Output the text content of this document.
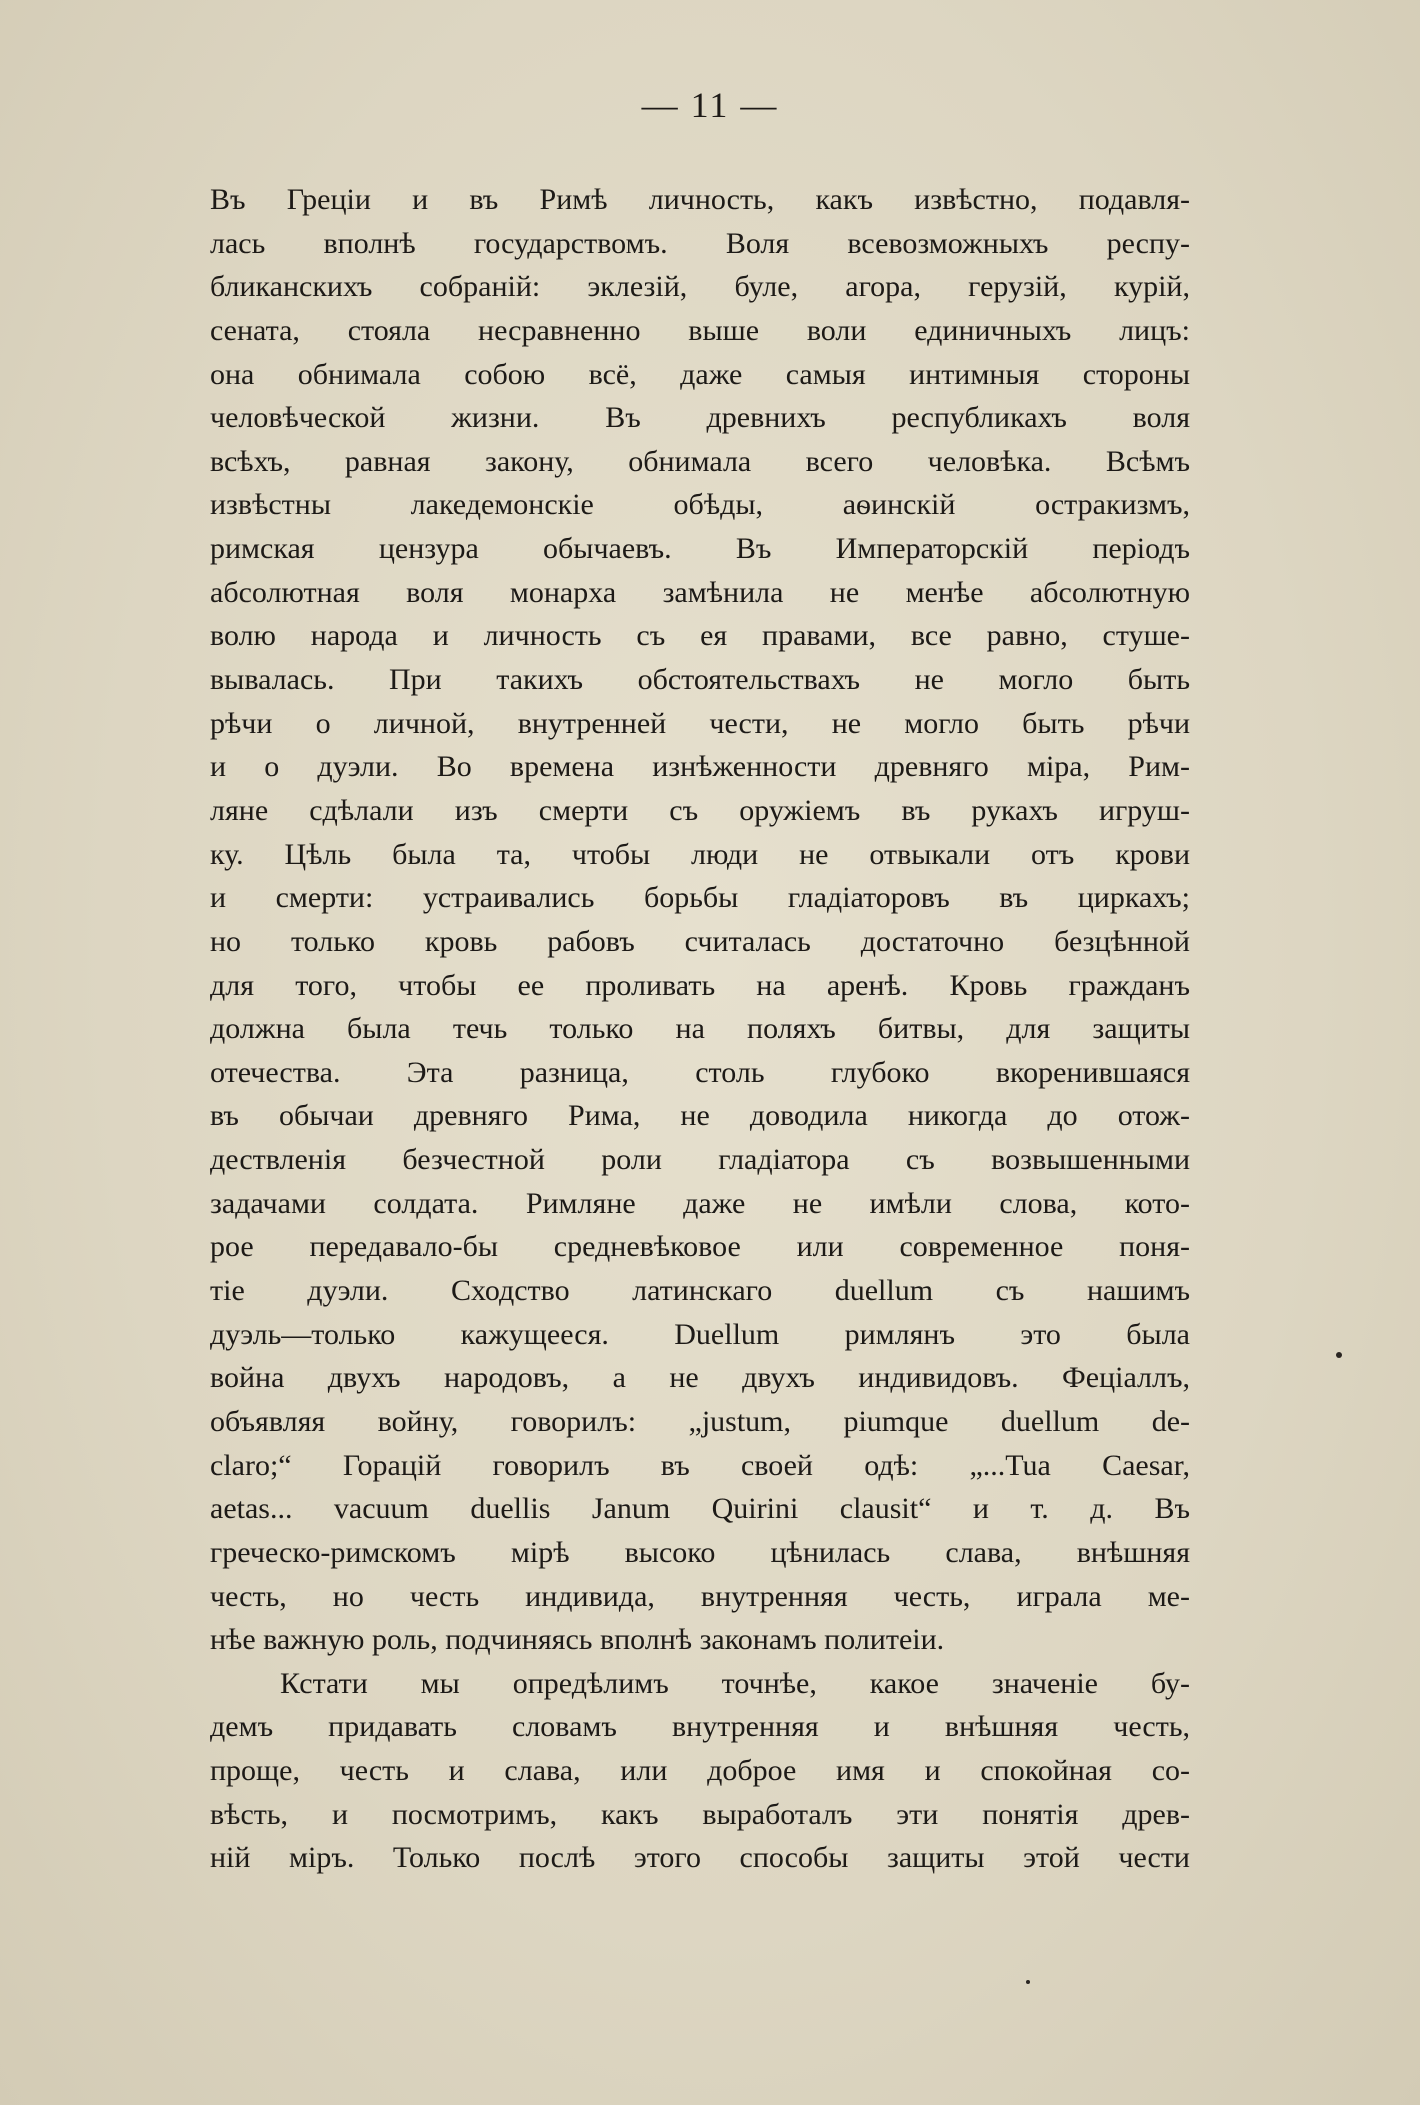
— 11 —
Въ Греціи и въ Римѣ личность, какъ извѣстно, подавля-
лась вполнѣ государствомъ. Воля всевозможныхъ респу-
бликанскихъ собраній: эклезій, буле, агора, герузій, курій,
сената, стояла несравненно выше воли единичныхъ лицъ:
она обнимала собою всё, даже самыя интимныя стороны
человѣческой жизни. Въ древнихъ республикахъ воля
всѣхъ, равная закону, обнимала всего человѣка. Всѣмъ
извѣстны лакедемонскіе обѣды, аѳинскій остракизмъ,
римская цензура обычаевъ. Въ Императорскій періодъ
абсолютная воля монарха замѣнила не менѣе абсолютную
волю народа и личность съ ея правами, все равно, стуше-
вывалась. При такихъ обстоятельствахъ не могло быть
рѣчи о личной, внутренней чести, не могло быть рѣчи
и о дуэли. Во времена изнѣженности древняго міра, Рим-
ляне сдѣлали изъ смерти съ оружіемъ въ рукахъ игруш-
ку. Цѣль была та, чтобы люди не отвыкали отъ крови
и смерти: устраивались борьбы гладіаторовъ въ циркахъ;
но только кровь рабовъ считалась достаточно безцѣнной
для того, чтобы ее проливать на аренѣ. Кровь гражданъ
должна была течь только на поляхъ битвы, для защиты
отечества. Эта разница, столь глубоко вкоренившаяся
въ обычаи древняго Рима, не доводила никогда до отож-
дествленія безчестной роли гладіатора съ возвышенными
задачами солдата. Римляне даже не имѣли слова, кото-
рое передавало-бы средневѣковое или современное поня-
тіе дуэли. Сходство латинскаго duellum съ нашимъ
дуэль—только кажущееся. Duellum римлянъ это была
война двухъ народовъ, а не двухъ индивидовъ. Феціаллъ,
объявляя войну, говорилъ: „justum, piumque duellum de-
claro;“ Горацій говорилъ въ своей одѣ: „...Tua Caesar,
aetas... vacuum duellis Janum Quirini clausit“ и т. д. Въ
греческо-римскомъ мірѣ высоко цѣнилась слава, внѣшняя
честь, но честь индивида, внутренняя честь, играла ме-
нѣе важную роль, подчиняясь вполнѣ законамъ политеіи.
Кстати мы опредѣлимъ точнѣе, какое значеніе бу-
демъ придавать словамъ внутренняя и внѣшняя честь,
проще, честь и слава, или доброе имя и спокойная со-
вѣсть, и посмотримъ, какъ выработалъ эти понятія древ-
ній міръ. Только послѣ этого способы защиты этой чести
